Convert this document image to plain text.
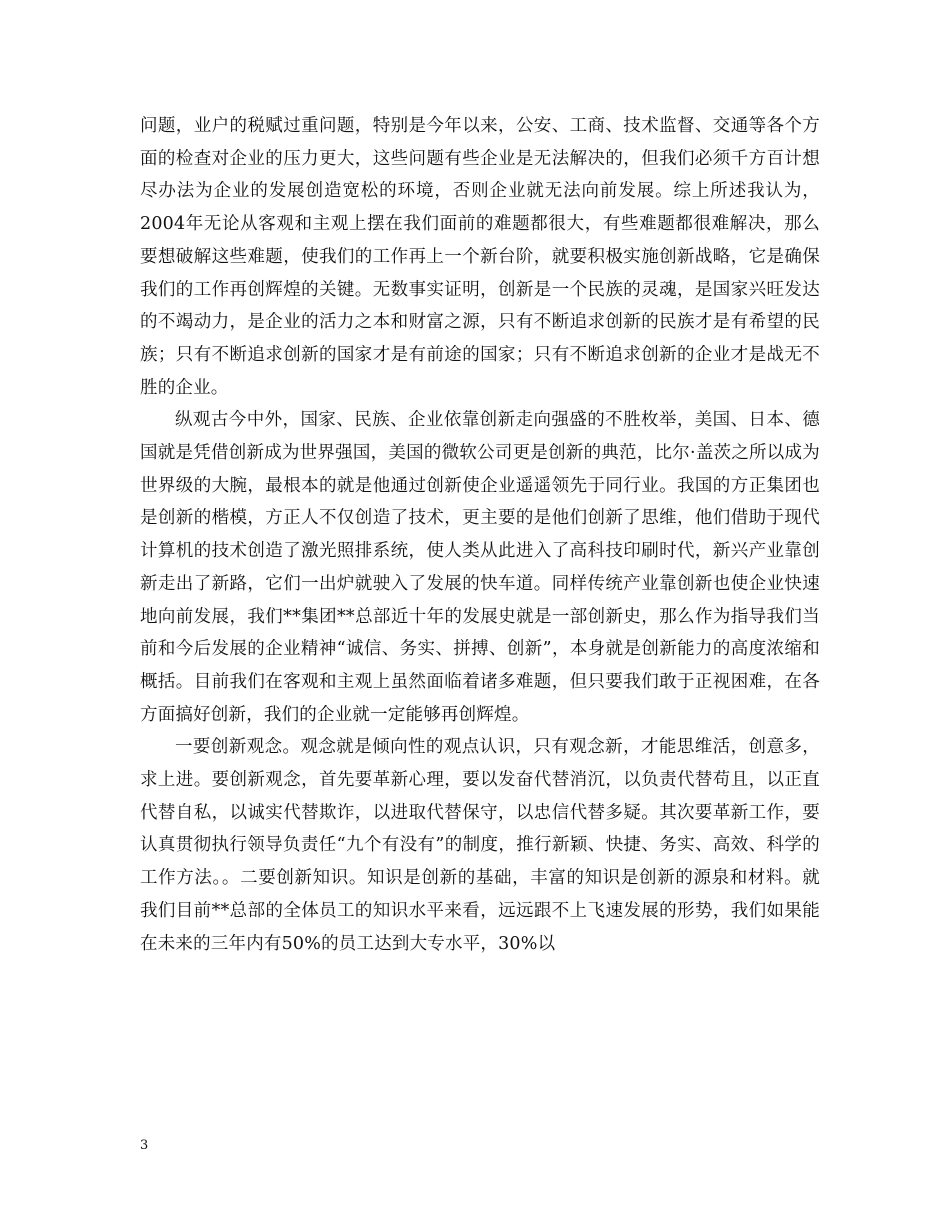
问题，业户的税赋过重问题，特别是今年以来，公安、工商、技术监督、交通等各个方面的检查对企业的压力更大，这些问题有些企业是无法解决的，但我们必须千方百计想尽办法为企业的发展创造宽松的环境，否则企业就无法向前发展。综上所述我认为，2004年无论从客观和主观上摆在我们面前的难题都很大，有些难题都很难解决，那么要想破解这些难题，使我们的工作再上一个新台阶，就要积极实施创新战略，它是确保我们的工作再创辉煌的关键。无数事实证明，创新是一个民族的灵魂，是国家兴旺发达的不竭动力，是企业的活力之本和财富之源，只有不断追求创新的民族才是有希望的民族；只有不断追求创新的国家才是有前途的国家；只有不断追求创新的企业才是战无不胜的企业。

纵观古今中外，国家、民族、企业依靠创新走向强盛的不胜枚举，美国、日本、德国就是凭借创新成为世界强国，美国的微软公司更是创新的典范，比尔·盖茨之所以成为世界级的大腕，最根本的就是他通过创新使企业遥遥领先于同行业。我国的方正集团也是创新的楷模，方正人不仅创造了技术，更主要的是他们创新了思维，他们借助于现代计算机的技术创造了激光照排系统，使人类从此进入了高科技印刷时代，新兴产业靠创新走出了新路，它们一出炉就驶入了发展的快车道。同样传统产业靠创新也使企业快速地向前发展，我们**集团**总部近十年的发展史就是一部创新史，那么作为指导我们当前和今后发展的企业精神“诚信、务实、拼搏、创新”，本身就是创新能力的高度浓缩和概括。目前我们在客观和主观上虽然面临着诸多难题，但只要我们敢于正视困难，在各方面搞好创新，我们的企业就一定能够再创辉煌。

一要创新观念。观念就是倾向性的观点认识，只有观念新，才能思维活，创意多，求上进。要创新观念，首先要革新心理，要以发奋代替消沉，以负责代替苟且，以正直代替自私，以诚实代替欺诈，以进取代替保守，以忠信代替多疑。其次要革新工作，要认真贯彻执行领导负责任“九个有没有”的制度，推行新颖、快捷、务实、高效、科学的工作方法。。二要创新知识。知识是创新的基础，丰富的知识是创新的源泉和材料。就我们目前**总部的全体员工的知识水平来看，远远跟不上飞速发展的形势，我们如果能在未来的三年内有50%的员工达到大专水平，30%以

3
